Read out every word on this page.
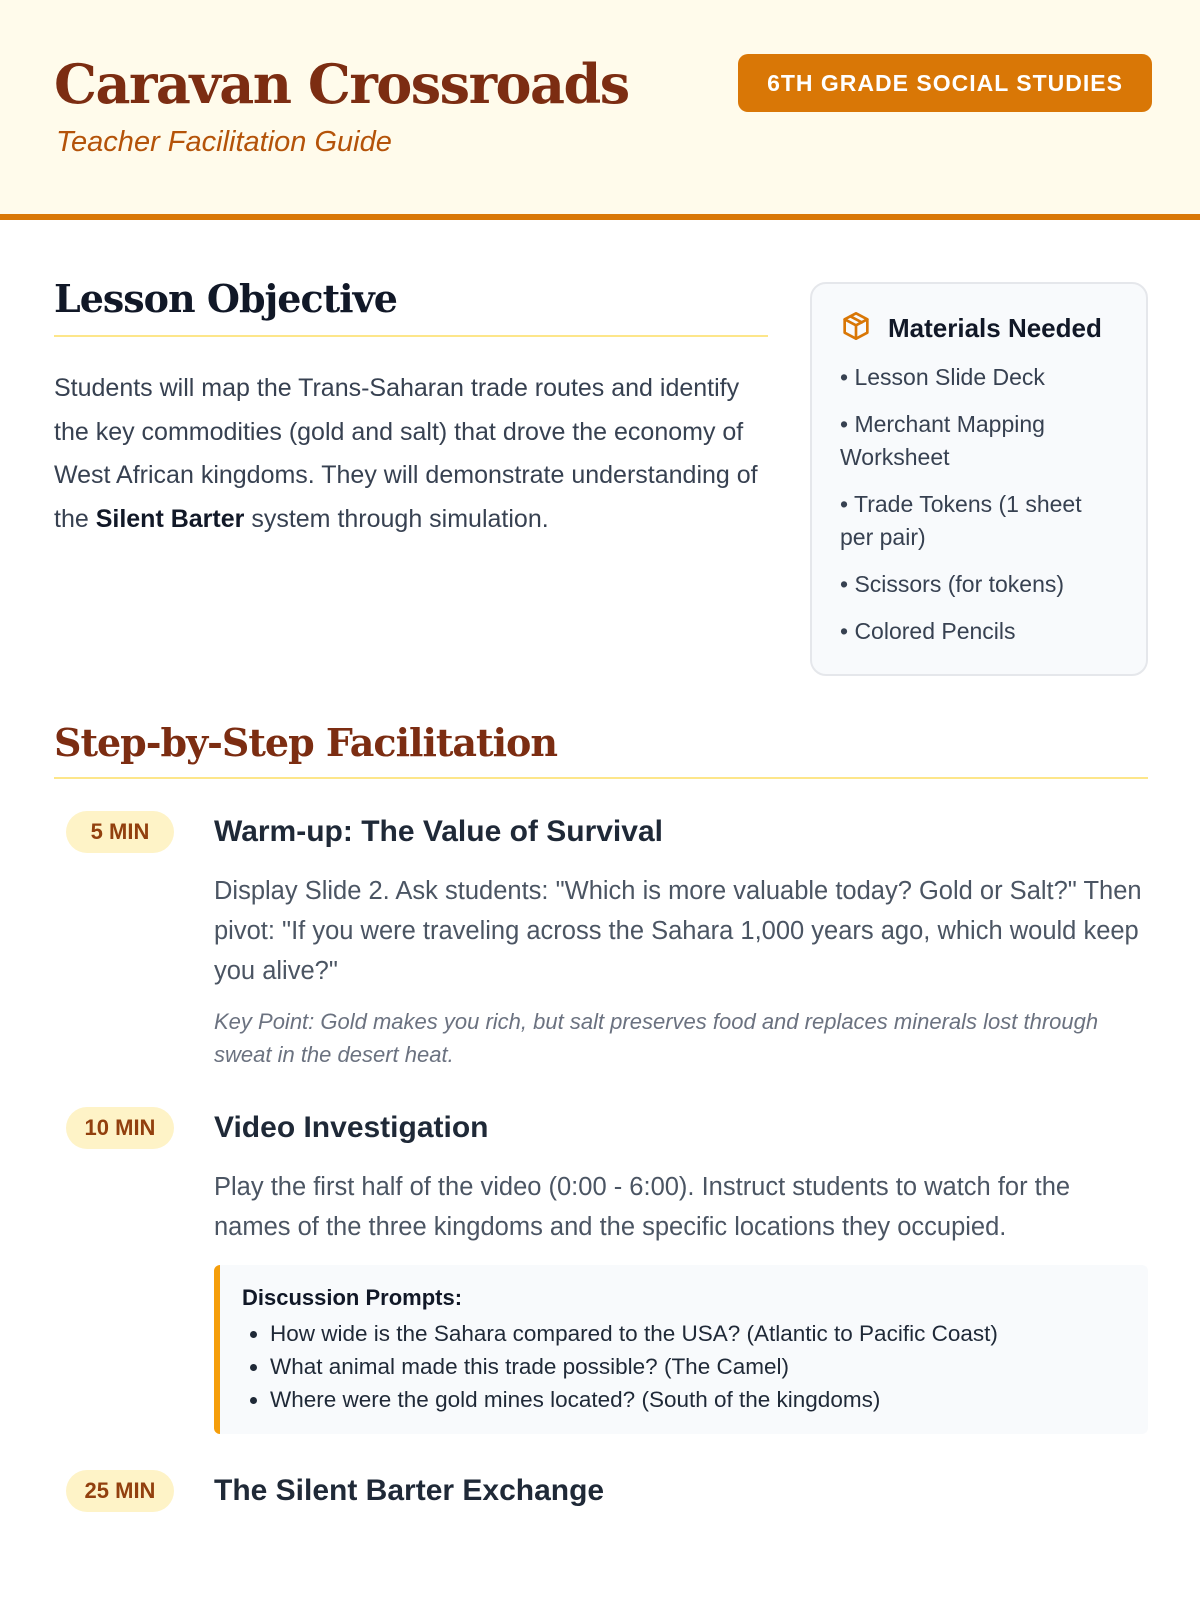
Caravan Crossroads
Teacher Facilitation Guide
6TH GRADE SOCIAL STUDIES
Lesson Objective

Students will map the Trans-Saharan trade routes and identify the key commodities (gold and salt) that drove the economy of West African kingdoms. They will demonstrate understanding of the Silent Barter system through simulation.

Materials Needed
• Lesson Slide Deck
• Merchant Mapping Worksheet
• Trade Tokens (1 sheet per pair)
• Scissors (for tokens)
• Colored Pencils
Step-by-Step Facilitation
5 MIN	Warm-up: The Value of Survival

Display Slide 2. Ask students: "Which is more valuable today? Gold or Salt?" Then pivot: "If you were traveling across the Sahara 1,000 years ago, which would keep you alive?"

Key Point: Gold makes you rich, but salt preserves food and replaces minerals lost through sweat in the desert heat.

10 MIN	Video Investigation

Play the first half of the video (0:00 - 6:00). Instruct students to watch for the names of the three kingdoms and the specific locations they occupied.

Discussion Prompts:

• How wide is the Sahara compared to the USA? (Atlantic to Pacific Coast)
• What animal made this trade possible? (The Camel)
• Where were the gold mines located? (South of the kingdoms)
25 MIN	The Silent Barter Exchange
